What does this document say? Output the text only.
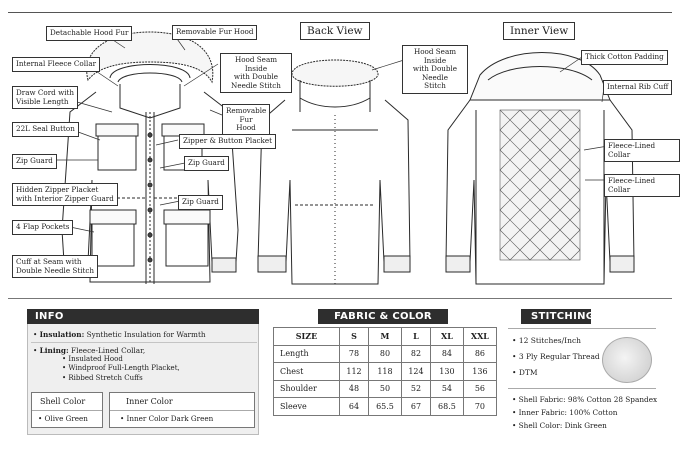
Back View	Inner View
Detachable Hood Fur	Removable Fur Hood
Internal Fleece Collar	Hood Seam Inside
with Double Needle Stitch
Draw Cord with
Visible Length
Removable Fur
Hood
22L Seal Button
Zipper & Button Placket
Zip Guard	Zip Guard
Hidden Zipper Placket
with Interior Zipper Guard	Zip Guard
4 Flap Pockets
Cuff at Seam with
Double Needle Stitch
Hood Seam Inside
with Double Needle
Stitch
Thick Cotton Padding
Internal Rib Cuff
Fleece-Lined Collar
Fleece-Lined Collar
INFO
• Insulation: Synthetic Insulation for Warmth
• Lining: Fleece-Lined Collar,
• Insulated Hood
• Windproof Full-Length Placket,
• Ribbed Stretch Cuffs
Shell Color
• Olive Green
Inner Color
• Inner Color Dark Green
FABRIC & COLOR
SIZE	S	M	L	XL	XXL
Length	78	80	82	84	86
Chest	112	118	124	130	136
Shoulder	48	50	52	54	56
Sleeve	64	65.5	67	68.5	70
STITCHING
• 12 Stitches/Inch
• 3 Ply Regular Thread
• DTM
• Shell Fabric: 98% Cotton 28 Spandex
• Inner Fabric: 100% Cotton
• Shell Color: Dink Green
